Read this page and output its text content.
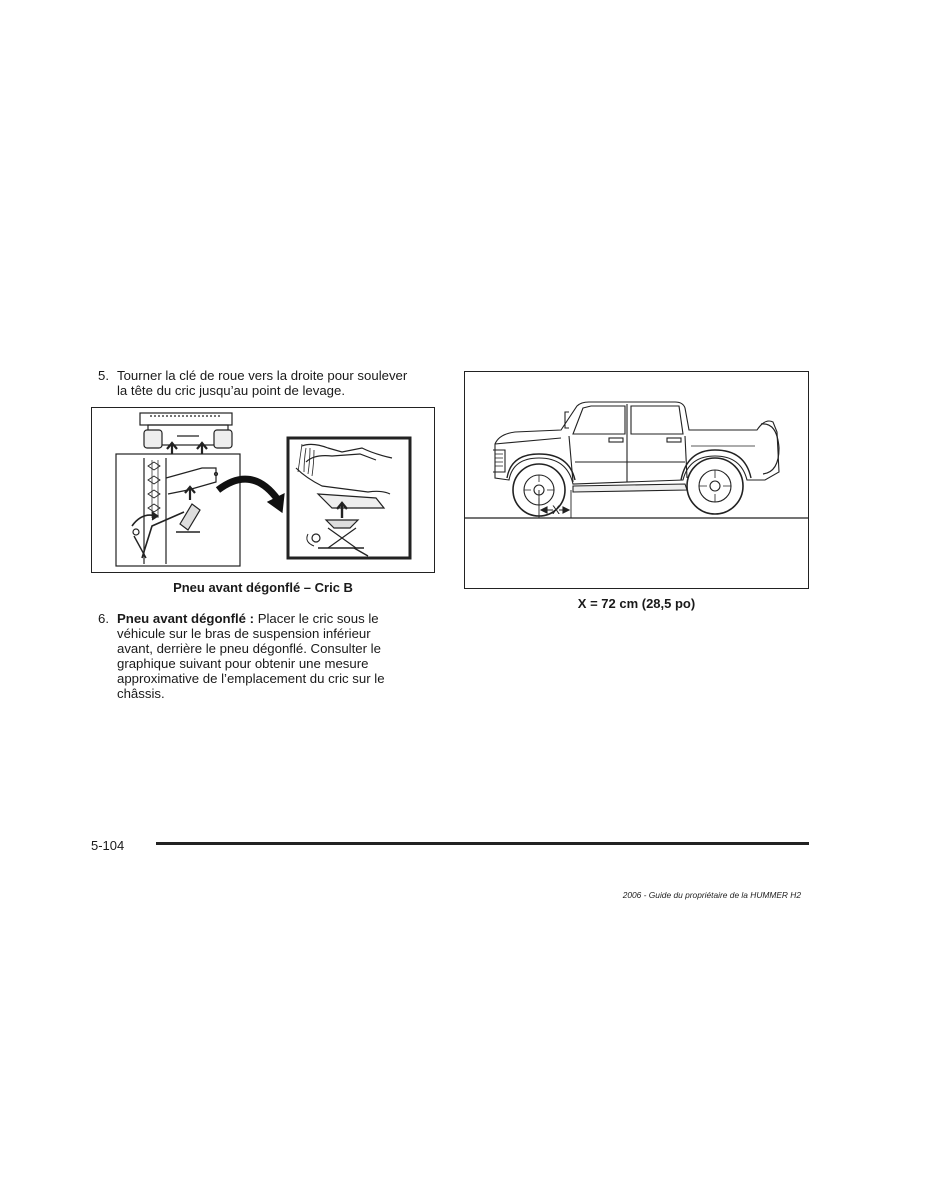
5. Tourner la clé de roue vers la droite pour soulever
la tête du cric jusqu’au point de levage.
Pneu avant dégonflé – Cric B
6. Pneu avant dégonflé : Placer le cric sous le
véhicule sur le bras de suspension inférieur
avant, derrière le pneu dégonflé. Consulter le
graphique suivant pour obtenir une mesure
approximative de l’emplacement du cric sur le
châssis.
X
X = 72 cm (28,5 po)
5-104
2006 - Guide du propriétaire de la HUMMER H2
